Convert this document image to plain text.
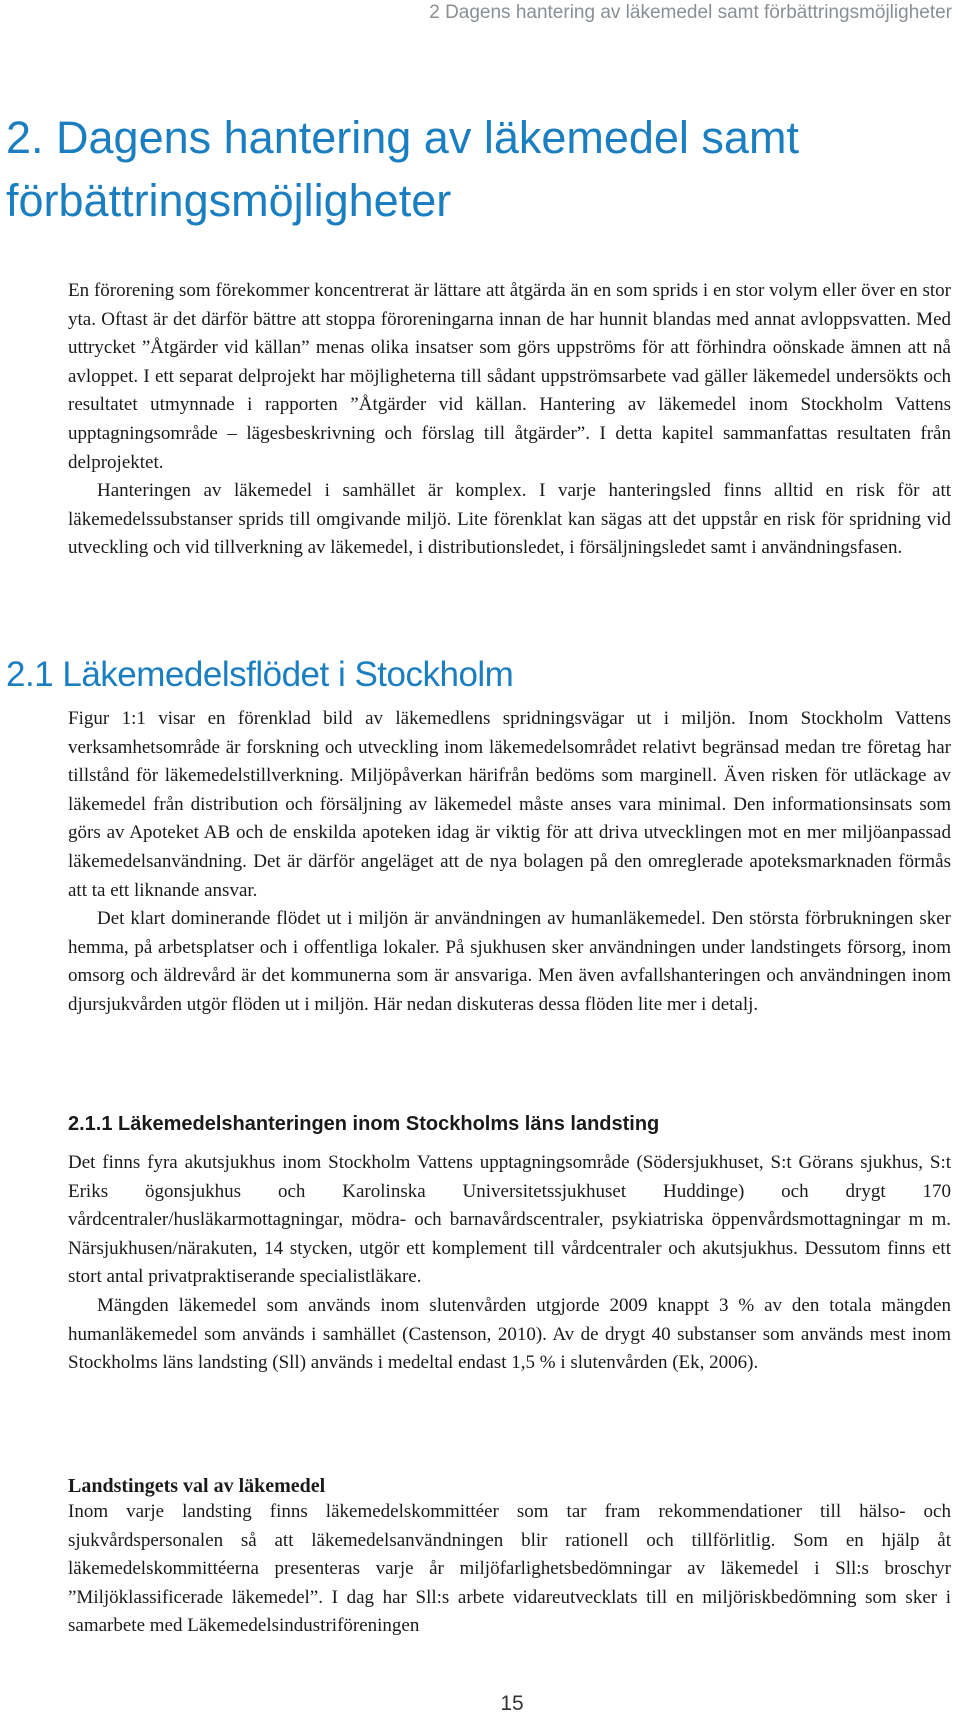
2 Dagens hantering av läkemedel samt förbättringsmöjligheter
2. Dagens hantering av läkemedel samt förbättringsmöjligheter

En förorening som förekommer koncentrerat är lättare att åtgärda än en som sprids i en stor volym eller över en stor yta. Oftast är det därför bättre att stoppa föroreningarna innan de har hunnit blandas med annat avloppsvatten. Med uttrycket ”Åtgärder vid källan” menas olika insatser som görs uppströms för att förhindra oönskade ämnen att nå avloppet. I ett separat delprojekt har möjligheterna till sådant uppströmsarbete vad gäller läkemedel undersökts och resultatet utmynnade i rapporten ”Åtgärder vid källan. Hantering av läkemedel inom Stockholm Vattens upptagningsområde – lägesbeskrivning och förslag till åtgärder”. I detta kapitel sammanfattas resultaten från delprojektet.

Hanteringen av läkemedel i samhället är komplex. I varje hanteringsled finns alltid en risk för att läkemedelssubstanser sprids till omgivande miljö. Lite förenklat kan sägas att det uppstår en risk för spridning vid utveckling och vid tillverkning av läkemedel, i distributionsledet, i försäljningsledet samt i användningsfasen.

2.1 Läkemedelsflödet i Stockholm

Figur 1:1 visar en förenklad bild av läkemedlens spridningsvägar ut i miljön. Inom Stockholm Vattens verksamhetsområde är forskning och utveckling inom läkemedelsområdet relativt begränsad medan tre företag har tillstånd för läkemedelstillverkning. Miljöpåverkan härifrån bedöms som marginell. Även risken för utläckage av läkemedel från distribution och försäljning av läkemedel måste anses vara minimal. Den informationsinsats som görs av Apoteket AB och de enskilda apoteken idag är viktig för att driva utvecklingen mot en mer miljöanpassad läkemedelsanvändning. Det är därför angeläget att de nya bolagen på den omreglerade apoteksmarknaden förmås att ta ett liknande ansvar.

Det klart dominerande flödet ut i miljön är användningen av humanläkemedel. Den största förbrukningen sker hemma, på arbetsplatser och i offentliga lokaler. På sjukhusen sker användningen under landstingets försorg, inom omsorg och äldrevård är det kommunerna som är ansvariga. Men även avfallshanteringen och användningen inom djursjukvården utgör flöden ut i miljön. Här nedan diskuteras dessa flöden lite mer i detalj.

2.1.1 Läkemedelshanteringen inom Stockholms läns landsting

Det finns fyra akutsjukhus inom Stockholm Vattens upptagningsområde (Södersjukhuset, S:t Görans sjukhus, S:t Eriks ögonsjukhus och Karolinska Universitetssjukhuset Huddinge) och drygt 170 vårdcentraler/husläkarmottagningar, mödra- och barnavårdscentraler, psykiatriska öppenvårdsmottagningar m m. Närsjukhusen/närakuten, 14 stycken, utgör ett komplement till vårdcentraler och akutsjukhus. Dessutom finns ett stort antal privatpraktiserande specialistläkare.

Mängden läkemedel som används inom slutenvården utgjorde 2009 knappt 3 % av den totala mängden humanläkemedel som används i samhället (Castenson, 2010). Av de drygt 40 substanser som används mest inom Stockholms läns landsting (Sll) används i medeltal endast 1,5 % i slutenvården (Ek, 2006).

Landstingets val av läkemedel

Inom varje landsting finns läkemedelskommittéer som tar fram rekommendationer till hälso- och sjukvårdspersonalen så att läkemedelsanvändningen blir rationell och tillförlitlig. Som en hjälp åt läkemedelskommittéerna presenteras varje år miljöfarlighetsbedömningar av läkemedel i Sll:s broschyr ”Miljöklassificerade läkemedel”. I dag har Sll:s arbete vidareutvecklats till en miljöriskbedömning som sker i samarbete med Läkemedelsindustriföreningen

15
